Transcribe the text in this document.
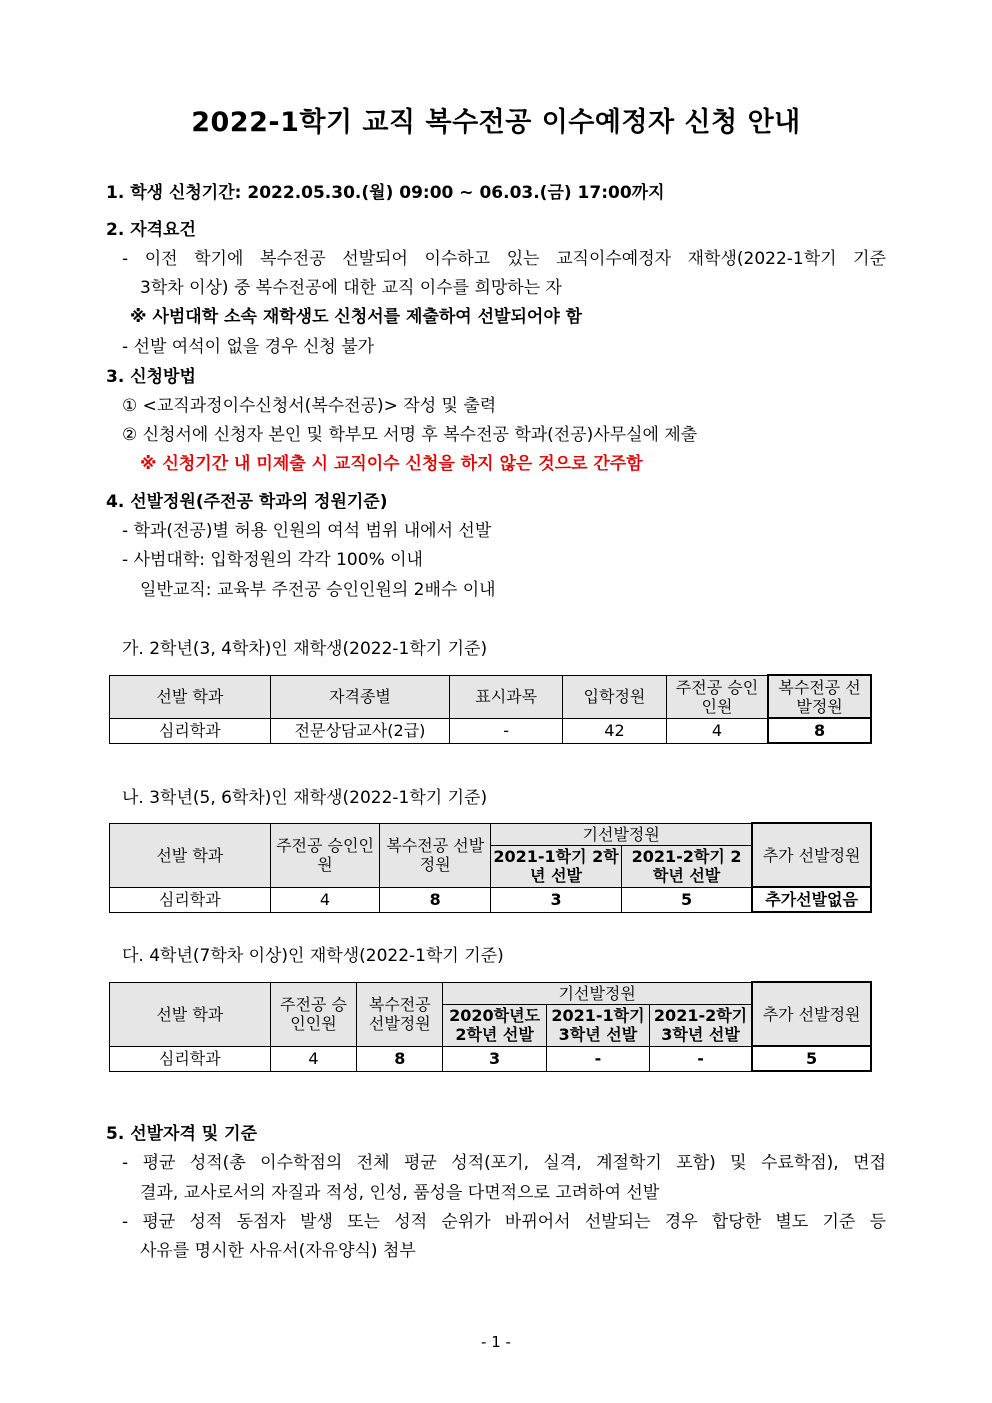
2022-1학기 교직 복수전공 이수예정자 신청 안내
1. 학생 신청기간: 2022.05.30.(월) 09:00 ~ 06.03.(금) 17:00까지
2. 자격요건
- 이전 학기에 복수전공 선발되어 이수하고 있는 교직이수예정자 재학생(2022-1학기 기준
3학차 이상) 중 복수전공에 대한 교직 이수를 희망하는 자
※ 사범대학 소속 재학생도 신청서를 제출하여 선발되어야 함
- 선발 여석이 없을 경우 신청 불가
3. 신청방법
① <교직과정이수신청서(복수전공)> 작성 및 출력
② 신청서에 신청자 본인 및 학부모 서명 후 복수전공 학과(전공)사무실에 제출
※ 신청기간 내 미제출 시 교직이수 신청을 하지 않은 것으로 간주함
4. 선발정원(주전공 학과의 정원기준)
- 학과(전공)별 허용 인원의 여석 범위 내에서 선발
- 사범대학: 입학정원의 각각 100% 이내
일반교직: 교육부 주전공 승인인원의 2배수 이내
가. 2학년(3, 4학차)인 재학생(2022-1학기 기준)
선발 학과	자격종별	표시과목	입학정원	주전공 승인인원	복수전공 선발정원
심리학과	전문상담교사(2급)	-	42	4	8
나. 3학년(5, 6학차)인 재학생(2022-1학기 기준)
선발 학과	주전공 승인인원	복수전공 선발정원	기선발정원		추가 선발정원
			2021-1학기 2학년 선발	2021-2학기 2학년 선발	
심리학과	4	8	3	5	추가선발없음
다. 4학년(7학차 이상)인 재학생(2022-1학기 기준)
선발 학과	주전공 승인인원	복수전공 선발정원	기선발정원			추가 선발정원
			2020학년도 2학년 선발	2021-1학기 3학년 선발	2021-2학기 3학년 선발	
심리학과	4	8	3	-	-	5
5. 선발자격 및 기준
- 평균 성적(총 이수학점의 전체 평균 성적(포기, 실격, 계절학기 포함) 및 수료학점), 면접
결과, 교사로서의 자질과 적성, 인성, 품성을 다면적으로 고려하여 선발
- 평균 성적 동점자 발생 또는 성적 순위가 바뀌어서 선발되는 경우 합당한 별도 기준 등
사유를 명시한 사유서(자유양식) 첨부
- 1 -
